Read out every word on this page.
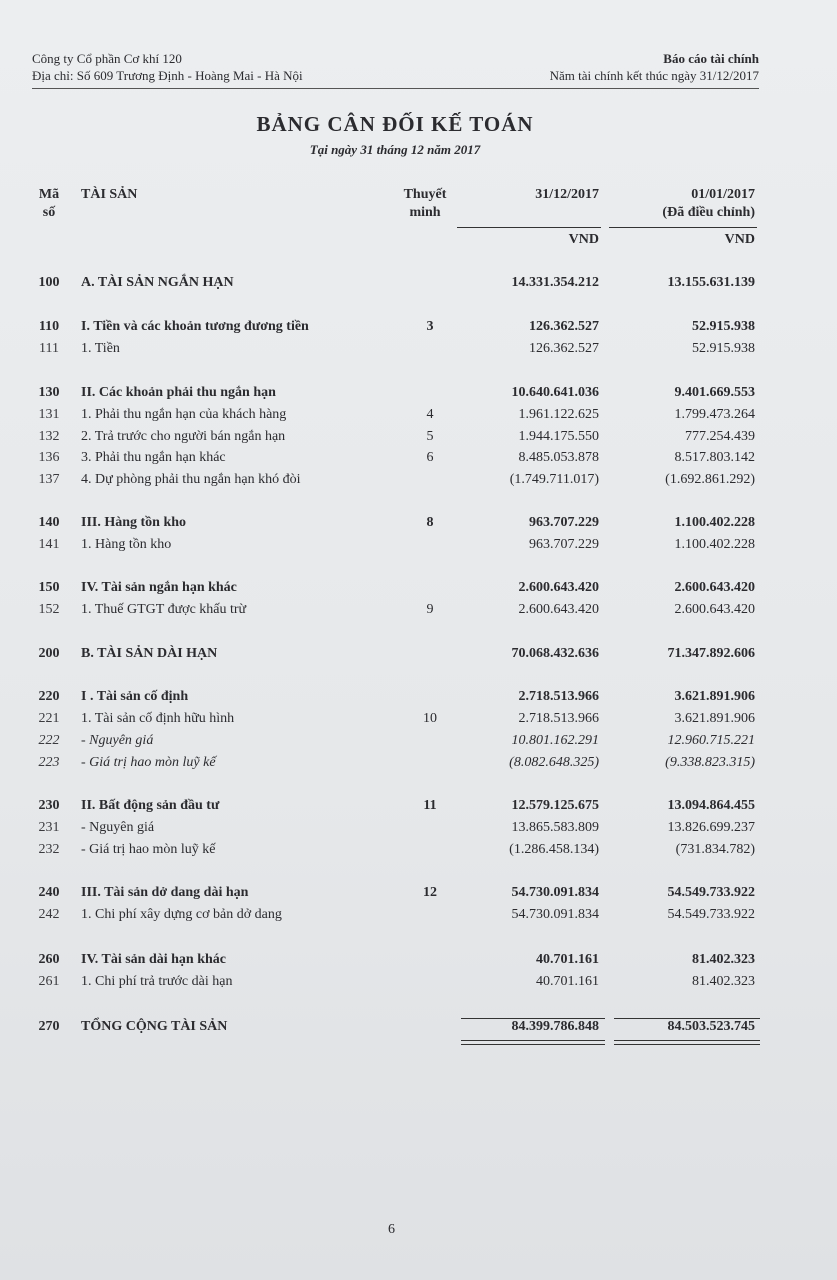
Công ty Cổ phần Cơ khí 120
Địa chỉ: Số 609 Trương Định - Hoàng Mai - Hà Nội
Báo cáo tài chính
Năm tài chính kết thúc ngày 31/12/2017
BẢNG CÂN ĐỐI KẾ TOÁN
Tại ngày 31 tháng 12 năm 2017
Mã
số
TÀI SẢN	Thuyết
minh
31/12/2017	01/01/2017
(Đã điều chỉnh)
VND	VND
100	A. TÀI SẢN NGẮN HẠN	14.331.354.212	13.155.631.139
110	I. Tiền và các khoản tương đương tiền	3	126.362.527	52.915.938
111	1. Tiền	126.362.527	52.915.938
130	II. Các khoản phải thu ngắn hạn	10.640.641.036	9.401.669.553
131	1. Phải thu ngắn hạn của khách hàng	4	1.961.122.625	1.799.473.264
132	2. Trả trước cho người bán ngắn hạn	5	1.944.175.550	777.254.439
136	3. Phải thu ngắn hạn khác	6	8.485.053.878	8.517.803.142
137	4. Dự phòng phải thu ngắn hạn khó đòi	(1.749.711.017)	(1.692.861.292)
140	III. Hàng tồn kho	8	963.707.229	1.100.402.228
141	1. Hàng tồn kho	963.707.229	1.100.402.228
150	IV. Tài sản ngắn hạn khác	2.600.643.420	2.600.643.420
152	1. Thuế GTGT được khấu trừ	9	2.600.643.420	2.600.643.420
200	B. TÀI SẢN DÀI HẠN	70.068.432.636	71.347.892.606
220	I . Tài sản cố định	2.718.513.966	3.621.891.906
221	1. Tài sản cố định hữu hình	10	2.718.513.966	3.621.891.906
222	- Nguyên giá	10.801.162.291	12.960.715.221
223	- Giá trị hao mòn luỹ kế	(8.082.648.325)	(9.338.823.315)
230	II. Bất động sản đầu tư	11	12.579.125.675	13.094.864.455
231	- Nguyên giá	13.865.583.809	13.826.699.237
232	- Giá trị hao mòn luỹ kế	(1.286.458.134)	(731.834.782)
240	III. Tài sản dở dang dài hạn	12	54.730.091.834	54.549.733.922
242	1. Chi phí xây dựng cơ bản dở dang	54.730.091.834	54.549.733.922
260	IV. Tài sản dài hạn khác	40.701.161	81.402.323
261	1. Chi phí trả trước dài hạn	40.701.161	81.402.323
270	TỔNG CỘNG TÀI SẢN	84.399.786.848	84.503.523.745
6
